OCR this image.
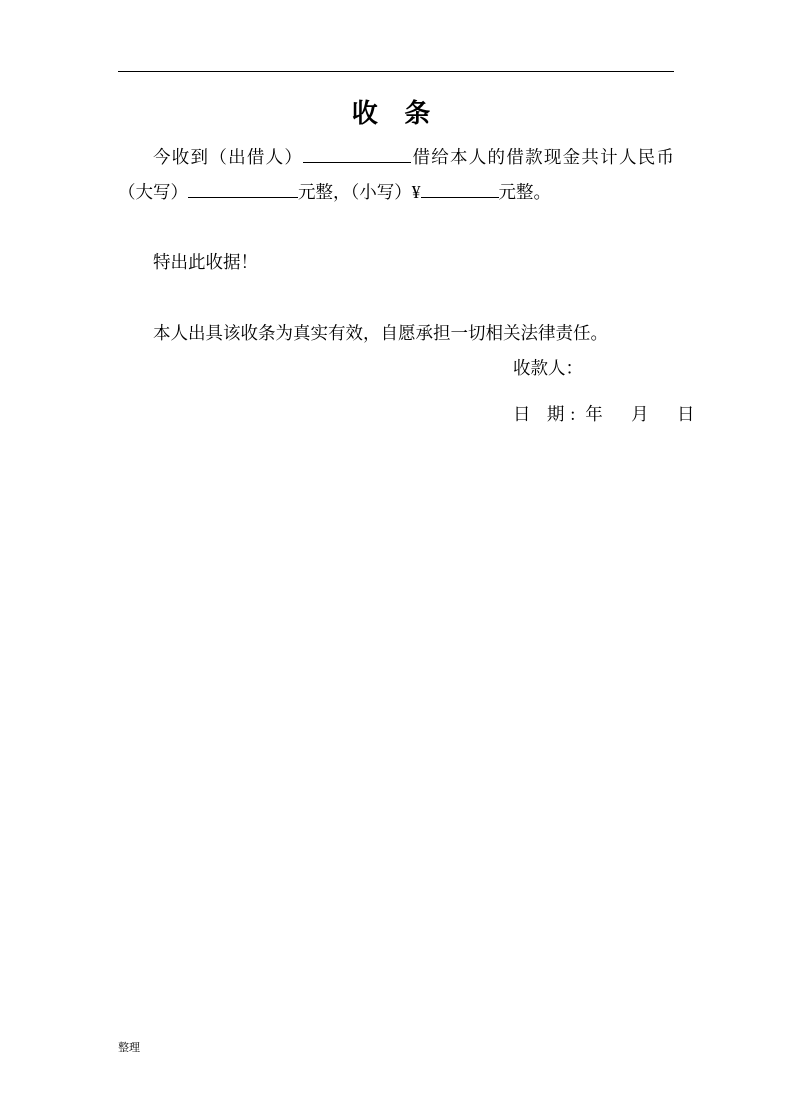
收 条

今收到（出借人）	借给本人的借款现金共计人民币（大写）	元整，（小写）¥	元整。

特出此收据！

本人出具该收条为真实有效，自愿承担一切相关法律责任。

收款人：
日 期: 年 月 日
整理
